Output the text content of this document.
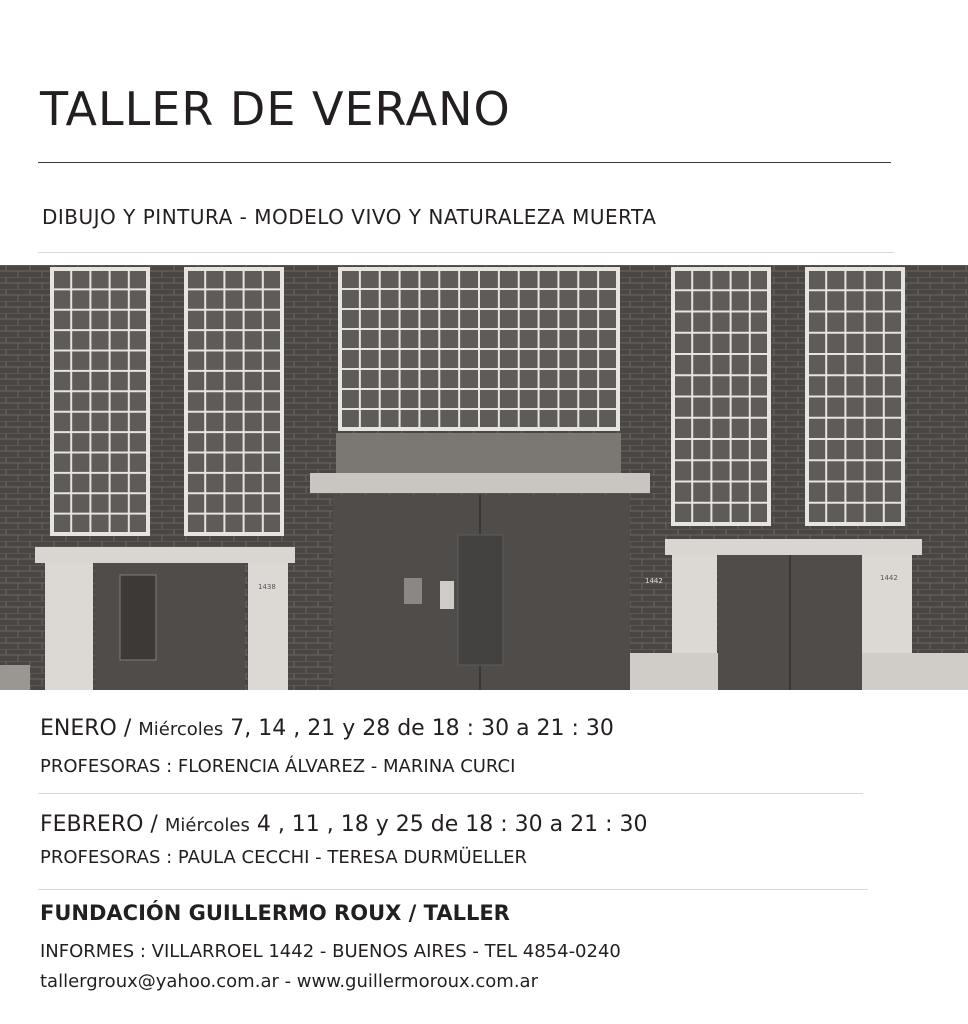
TALLER DE VERANO

DIBUJO Y PINTURA - MODELO VIVO Y NATURALEZA MUERTA

1438
1442	1442

ENERO / Miércoles 7, 14 , 21 y 28 de 18 : 30 a 21 : 30

PROFESORAS : FLORENCIA ÁLVAREZ - MARINA CURCI

FEBRERO / Miércoles 4 , 11 , 18 y 25 de 18 : 30 a 21 : 30

PROFESORAS : PAULA CECCHI - TERESA DURMÜELLER

FUNDACIÓN GUILLERMO ROUX / TALLER

INFORMES : VILLARROEL 1442 - BUENOS AIRES - TEL 4854-0240

tallergroux@yahoo.com.ar - www.guillermoroux.com.ar
